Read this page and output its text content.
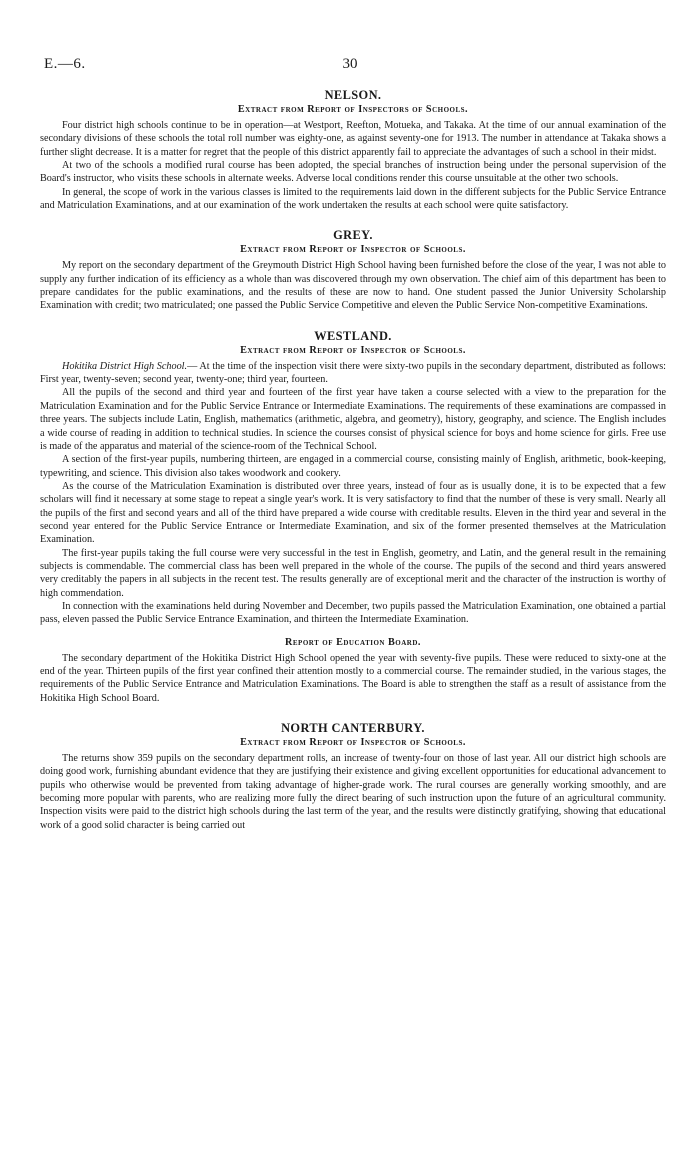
E.—6.	30
NELSON.
Extract from Report of Inspectors of Schools.

Four district high schools continue to be in operation—at Westport, Reefton, Motueka, and Takaka. At the time of our annual examination of the secondary divisions of these schools the total roll number was eighty-one, as against seventy-one for 1913. The number in attendance at Takaka shows a further slight decrease. It is a matter for regret that the people of this district apparently fail to appreciate the advantages of such a school in their midst.

At two of the schools a modified rural course has been adopted, the special branches of instruction being under the personal supervision of the Board's instructor, who visits these schools in alternate weeks. Adverse local conditions render this course unsuitable at the other two schools.

In general, the scope of work in the various classes is limited to the requirements laid down in the different subjects for the Public Service Entrance and Matriculation Examinations, and at our examination of the work undertaken the results at each school were quite satisfactory.

GREY.
Extract from Report of Inspector of Schools.

My report on the secondary department of the Greymouth District High School having been furnished before the close of the year, I was not able to supply any further indication of its efficiency as a whole than was discovered through my own observation. The chief aim of this department has been to prepare candidates for the public examinations, and the results of these are now to hand. One student passed the Junior University Scholarship Examination with credit; two matriculated; one passed the Public Service Competitive and eleven the Public Service Non-competitive Examinations.

WESTLAND.
Extract from Report of Inspector of Schools.

Hokitika District High School.— At the time of the inspection visit there were sixty-two pupils in the secondary department, distributed as follows: First year, twenty-seven; second year, twenty-one; third year, fourteen.

All the pupils of the second and third year and fourteen of the first year have taken a course selected with a view to the preparation for the Matriculation Examination and for the Public Service Entrance or Intermediate Examinations. The requirements of these examinations are compassed in three years. The subjects include Latin, English, mathematics (arithmetic, algebra, and geometry), history, geography, and science. The English includes a wide course of reading in addition to technical studies. In science the courses consist of physical science for boys and home science for girls. Free use is made of the apparatus and material of the science-room of the Technical School.

A section of the first-year pupils, numbering thirteen, are engaged in a commercial course, consisting mainly of English, arithmetic, book-keeping, typewriting, and science. This division also takes woodwork and cookery.

As the course of the Matriculation Examination is distributed over three years, instead of four as is usually done, it is to be expected that a few scholars will find it necessary at some stage to repeat a single year's work. It is very satisfactory to find that the number of these is very small. Nearly all the pupils of the first and second years and all of the third have prepared a wide course with creditable results. Eleven in the third year and several in the second year entered for the Public Service Entrance or Intermediate Examination, and six of the former presented themselves at the Matriculation Examination.

The first-year pupils taking the full course were very successful in the test in English, geometry, and Latin, and the general result in the remaining subjects is commendable. The commercial class has been well prepared in the whole of the course. The pupils of the second and third years answered very creditably the papers in all subjects in the recent test. The results generally are of exceptional merit and the character of the instruction is worthy of high commendation.

In connection with the examinations held during November and December, two pupils passed the Matriculation Examination, one obtained a partial pass, eleven passed the Public Service Entrance Examination, and thirteen the Intermediate Examination.

Report of Education Board.

The secondary department of the Hokitika District High School opened the year with seventy-five pupils. These were reduced to sixty-one at the end of the year. Thirteen pupils of the first year confined their attention mostly to a commercial course. The remainder studied, in the various stages, the requirements of the Public Service Entrance and Matriculation Examinations. The Board is able to strengthen the staff as a result of assistance from the Hokitika High School Board.

NORTH CANTERBURY.
Extract from Report of Inspector of Schools.

The returns show 359 pupils on the secondary department rolls, an increase of twenty-four on those of last year. All our district high schools are doing good work, furnishing abundant evidence that they are justifying their existence and giving excellent opportunities for educational advancement to pupils who otherwise would be prevented from taking advantage of higher-grade work. The rural courses are generally working smoothly, and are becoming more popular with parents, who are realizing more fully the direct bearing of such instruction upon the future of an agricultural community. Inspection visits were paid to the district high schools during the last term of the year, and the results were distinctly gratifying, showing that educational work of a good solid character is being carried out
